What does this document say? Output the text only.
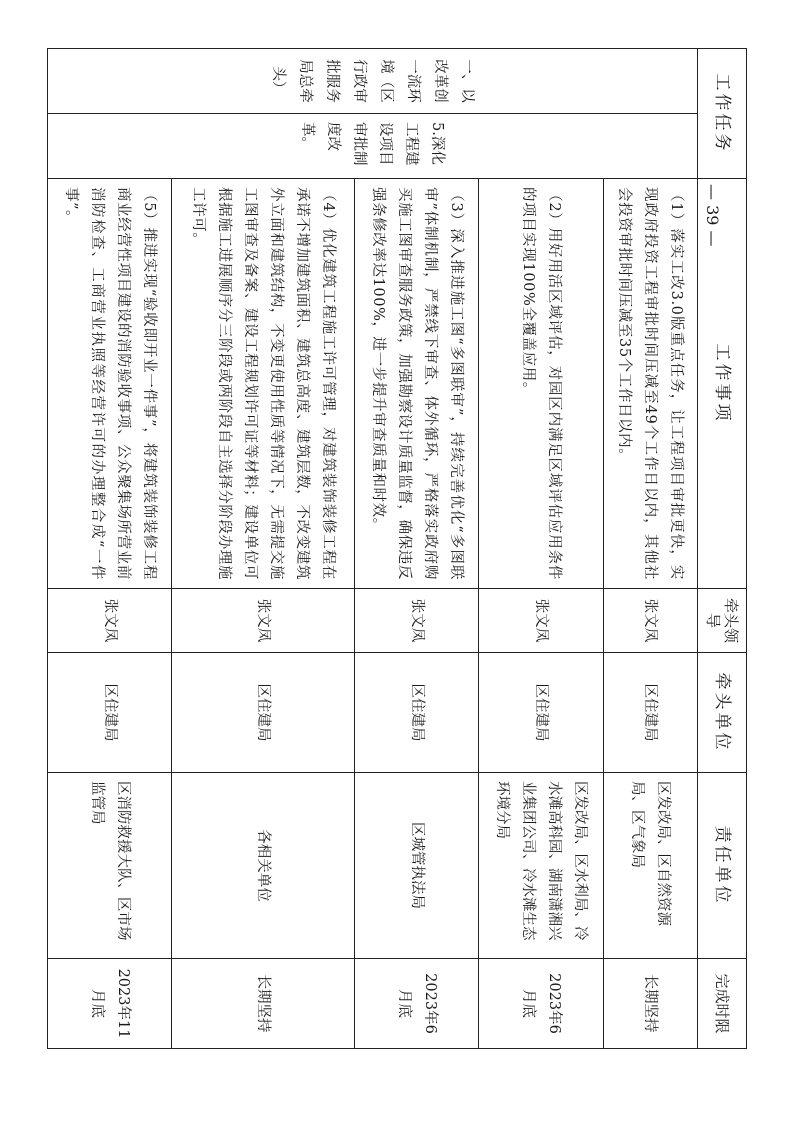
工作任务		工作事项	牵头领导	牵头单位	责任单位	完成时限
一、以改革创一流环境（区行政审批服务局总牵头）	5.深化工程建设项目审批制度改革。	（1）落实工改3.0版重点任务，让工程项目审批更快，实现政府投资工程审批时间压减至49个工作日以内，其他社会投资审批时间压减至35个工作日以内。	张文凤	区住建局	区发改局、区自然资源局、区气象局	长期坚持
		（2）用好用活区域评估，对园区内满足区域评估应用条件的项目实现100%全覆盖应用。	张文凤	区住建局	区发改局、区水利局、冷水滩高科园、湖南潇湘兴业集团公司、冷水滩生态环境分局	2023年6月底
		（3）深入推进施工图“多图联审”，持续完善优化“多图联审”体制机制，严禁线下审查、体外循环，严格落实政府购买施工图审查服务政策，加强勘察设计质量监督，确保违反强条修改率达100%，进一步提升审查质量和时效。	张文凤	区住建局	区城管执法局	2023年6月底
		（4）优化建筑工程施工许可管理，对建筑装饰装修工程在承诺不增加建筑面积、建筑总高度、建筑层数，不改变建筑外立面和建筑结构，不变更使用性质等情况下，无需提交施工图审查及备案、建设工程规划许可证等材料；建设单位可根据施工进展顺序分三阶段或两阶段自主选择分阶段办理施工许可。	张文凤	区住建局	各相关单位	长期坚持
		（5）推进实现“验收即开业一件事”，将建筑装饰装修工程商业经营性项目建设的消防验收事项、公众聚集场所营业前消防检查、工商营业执照等经营许可的办理整合成“一件事”。	张文凤	区住建局	区消防救援大队、区市场监管局	2023年11月底
— 39 —
